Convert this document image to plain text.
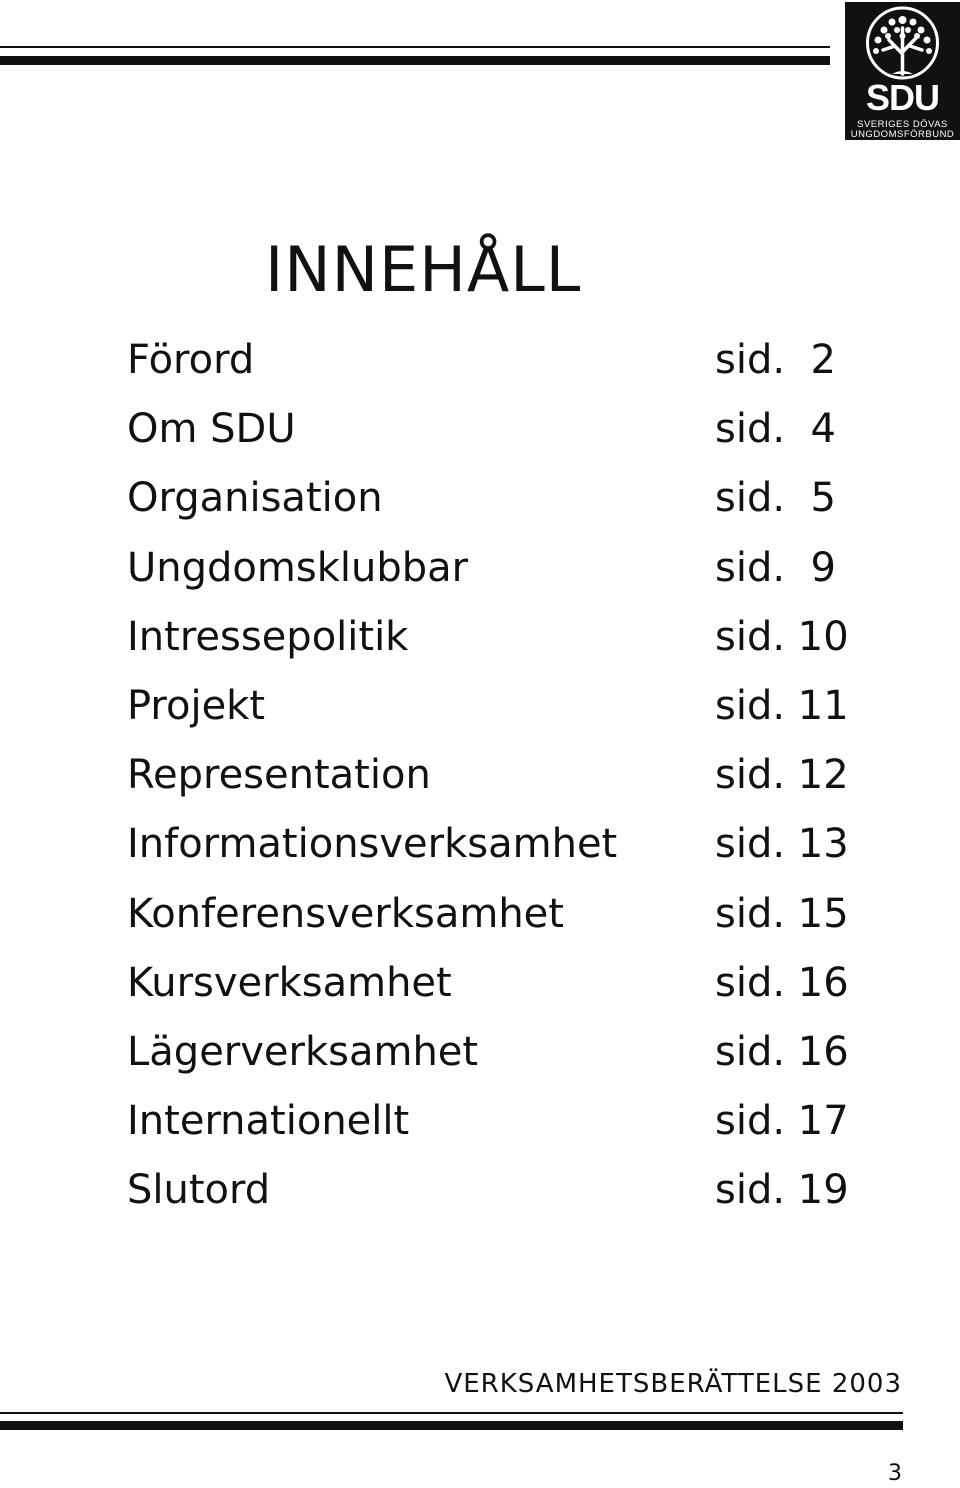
SDU
SVERIGES DÖVAS
UNGDOMSFÖRBUND
INNEHÅLL
Förord	sid.  2
Om SDU	sid.  4
Organisation	sid.  5
Ungdomsklubbar	sid.  9
Intressepolitik	sid. 10
Projekt	sid. 11
Representation	sid. 12
Informationsverksamhet sid. 13
Konferensverksamhet	sid. 15
Kursverksamhet	sid. 16
Lägerverksamhet	sid. 16
Internationellt	sid. 17
Slutord	sid. 19
VERKSAMHETSBERÄTTELSE 2003
3
